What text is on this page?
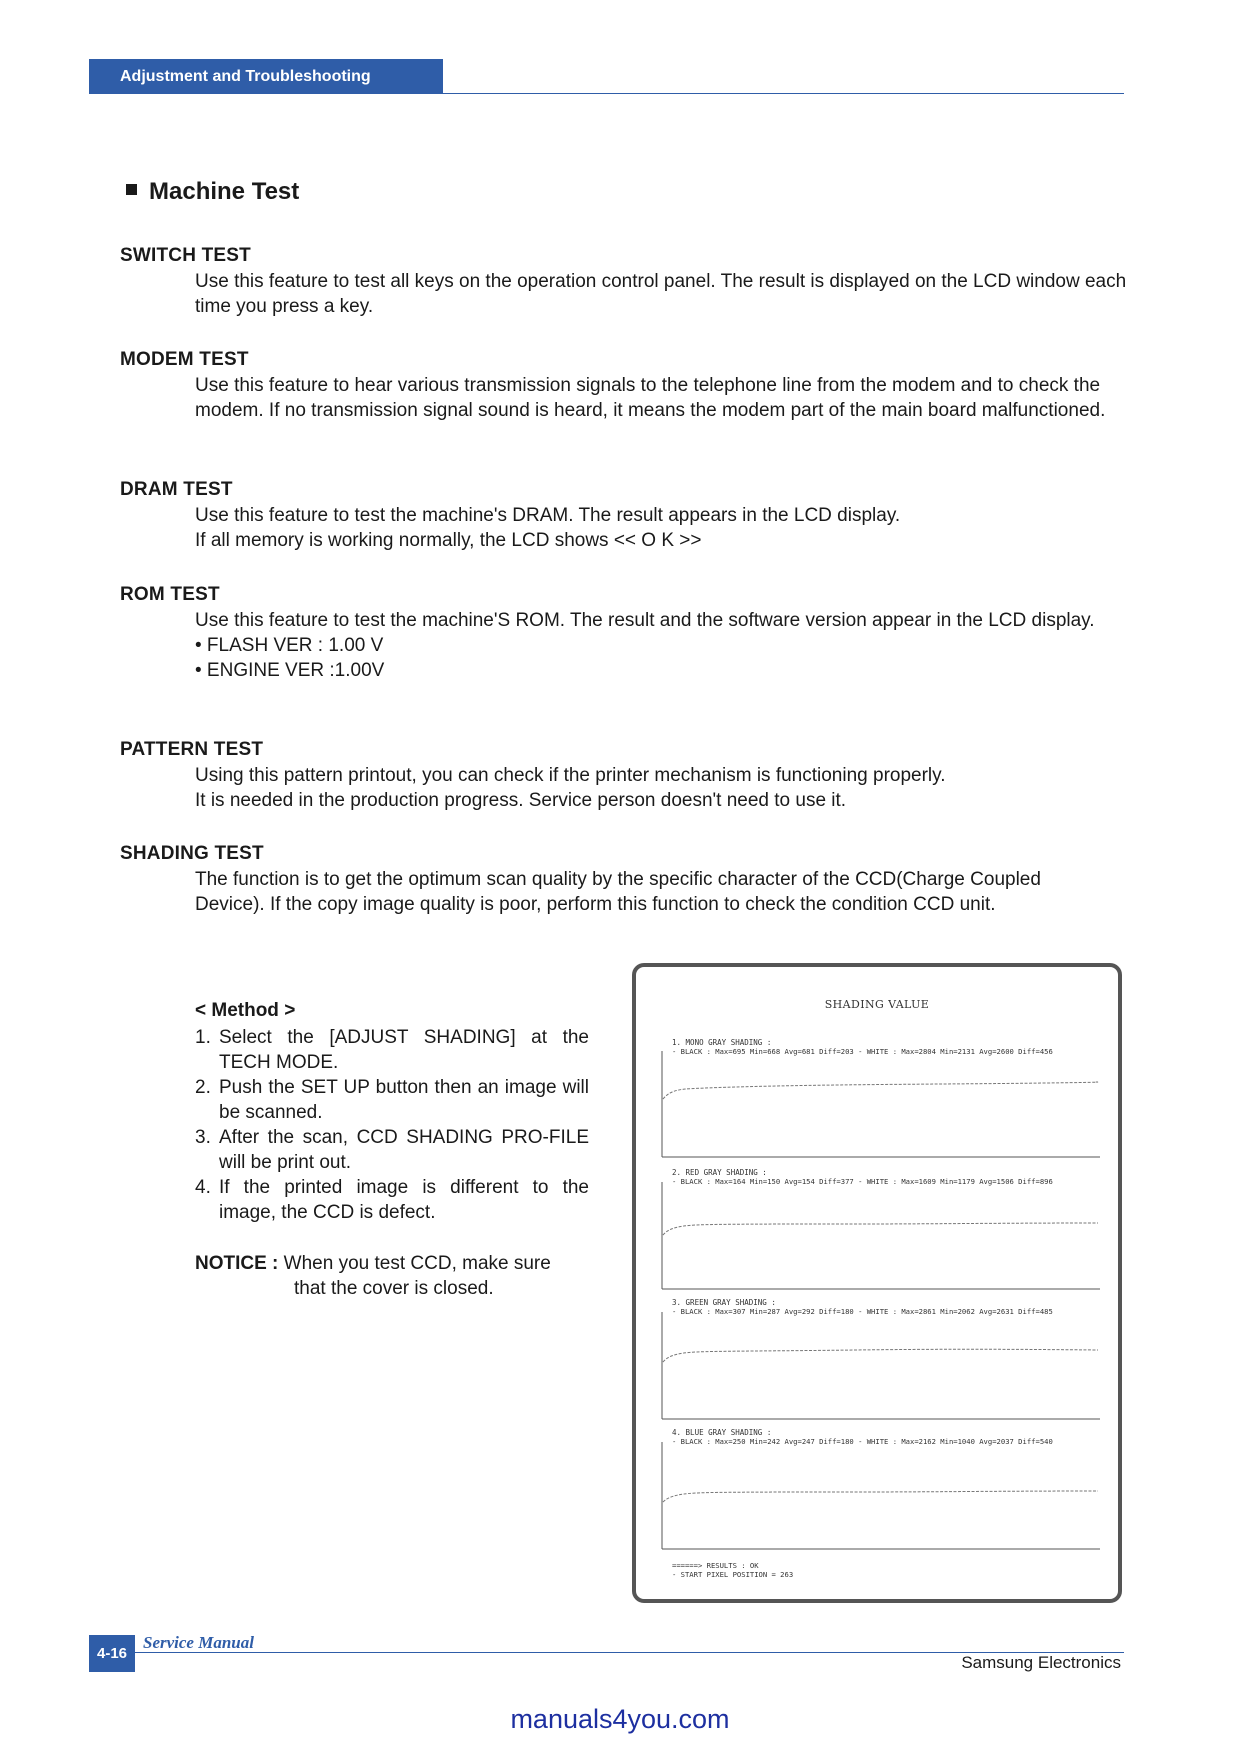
Adjustment and Troubleshooting
Machine Test
SWITCH TEST

Use this feature to test all keys on the operation control panel. The result is displayed on the LCD window each time you press a key.

MODEM TEST

Use this feature to hear various transmission signals to the telephone line from the modem and to check the modem. If no transmission signal sound is heard, it means the modem part of the main board malfunctioned.

DRAM TEST

Use this feature to test the machine's DRAM. The result appears in the LCD display.

If all memory is working normally, the LCD shows << O K >>

ROM TEST

Use this feature to test the machine'S ROM. The result and the software version appear in the LCD display.

• FLASH VER : 1.00 V

• ENGINE VER :1.00V

PATTERN TEST

Using this pattern printout, you can check if the printer mechanism is functioning properly.

It is needed in the production progress. Service person doesn't need to use it.

SHADING TEST

The function is to get the optimum scan quality by the specific character of the CCD(Charge Coupled Device). If the copy image quality is poor, perform this function to check the condition CCD unit.

< Method >
1. Select the [ADJUST SHADING] at the TECH MODE.
2. Push the SET UP button then an image will be scanned.
3. After the scan, CCD SHADING PRO-FILE will be print out.
4. If the printed image is different to the image, the CCD is defect.
NOTICE : When you test CCD, make sure
that the cover is closed.
SHADING VALUE
1. MONO GRAY SHADING :
- BLACK : Max=695 Min=668 Avg=681 Diff=203 - WHITE : Max=2804 Min=2131 Avg=2600 Diff=456
2. RED GRAY SHADING :
- BLACK : Max=164 Min=150 Avg=154 Diff=377 - WHITE : Max=1609 Min=1179 Avg=1506 Diff=896
3. GREEN GRAY SHADING :
- BLACK : Max=307 Min=287 Avg=292 Diff=180 - WHITE : Max=2861 Min=2062 Avg=2631 Diff=485
4. BLUE GRAY SHADING :
- BLACK : Max=250 Min=242 Avg=247 Diff=180 - WHITE : Max=2162 Min=1040 Avg=2037 Diff=540
======> RESULTS : OK
- START PIXEL POSITION = 263
4-16
Service Manual
Samsung Electronics
manuals4you.com
